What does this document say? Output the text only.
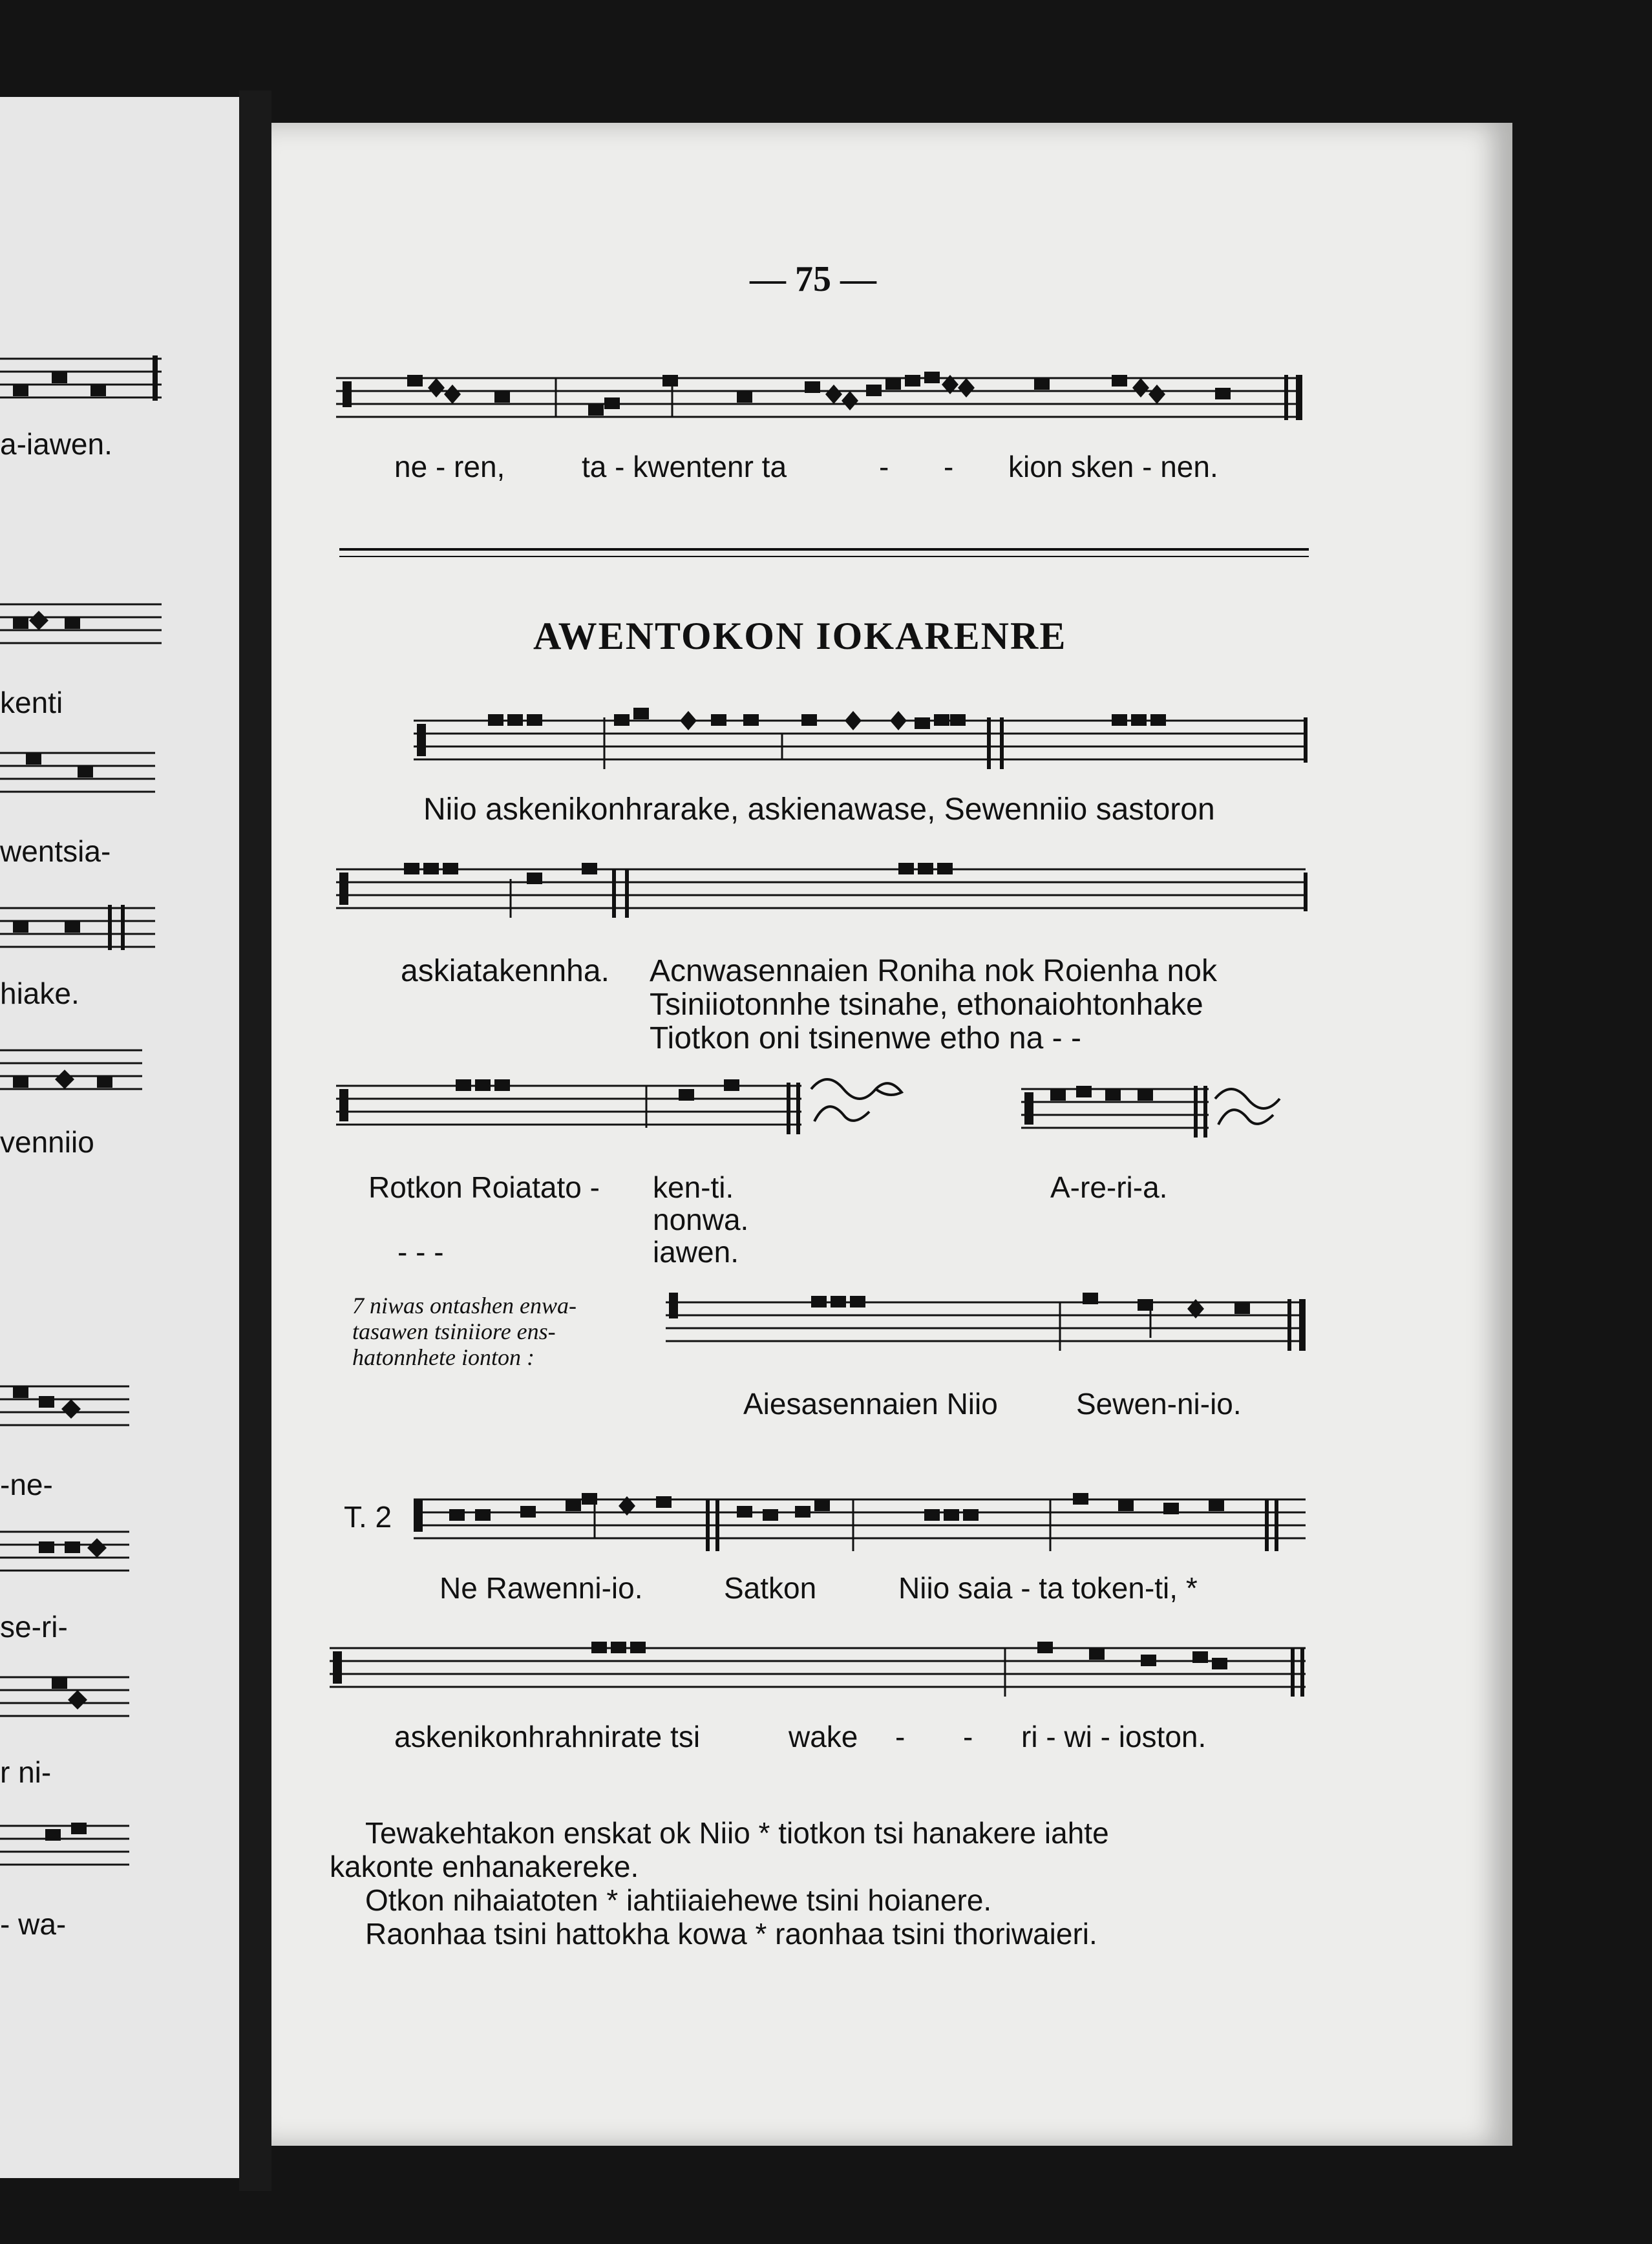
a-iawen.
kenti
wentsia-
hiake.
venniio
-ne-
se-ri-
r ni-
- wa-
— 75 —
ne - ren,	ta - kwentenr ta	- - kion sken - nen.
AWENTOKON IOKARENRE
Niio askenikonhrarake, askienawase, Sewenniio sastoron
askiatakennha. Acnwasennaien Roniha nok Roienha nok
Tsiniiotonnhe tsinahe, ethonaiohtonhake
Tiotkon oni tsinenwe etho na - -
Rotkon Roiatato -
- - -
ken-ti.
nonwa.
iawen.
A-re-ri-a.
7 niwas ontashen enwa-
tasawen tsiniiore ens-
hatonnhete ionton :
Aiesasennaien Niio	Sewen-ni-io.
T. 2
Ne Rawenni-io.	Satkon	Niio saia - ta token-ti, *
askenikonhrahnirate tsi	wake - - ri - wi - ioston.
Tewakehtakon enskat ok Niio * tiotkon tsi hanakere iahte
kakonte enhanakereke.
Otkon nihaiatoten * iahtiiaiehewe tsini hoianere.
Raonhaa tsini hattokha kowa * raonhaa tsini thoriwaieri.
